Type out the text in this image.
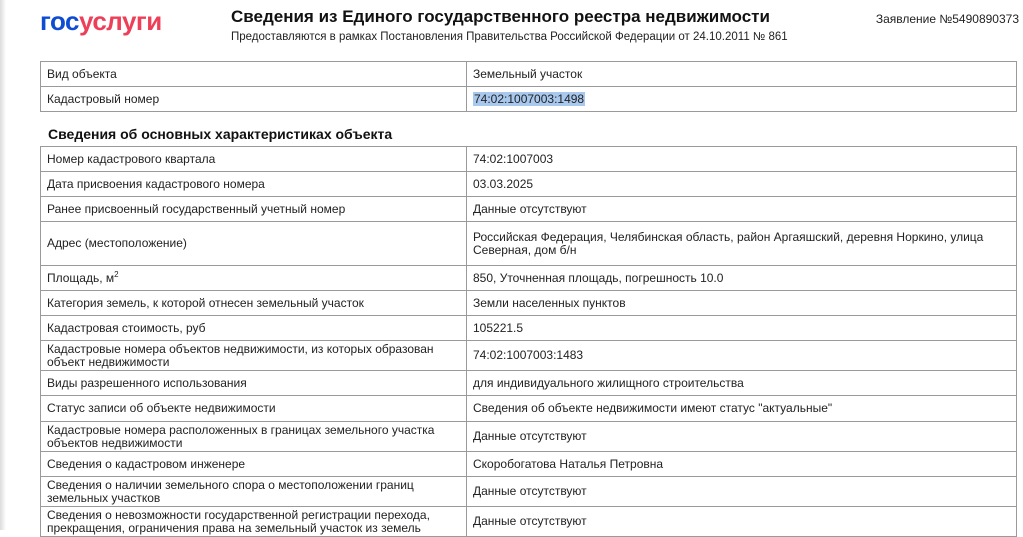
госуслуги	Сведения из Единого государственного реестра недвижимости
Предоставляются в рамках Постановления Правительства Российской Федерации от 24.10.2011 № 861
Заявление №5490890373
Вид объекта	Земельный участок
Кадастровый номер	74:02:1007003:1498
Сведения об основных характеристиках объекта
Номер кадастрового квартала	74:02:1007003
Дата присвоения кадастрового номера	03.03.2025
Ранее присвоенный государственный учетный номер	Данные отсутствуют
Адрес (местоположение)	Российская Федерация, Челябинская область, район Аргаяшский, деревня Норкино, улица Северная, дом б/н
Площадь, $м^2$	850, Уточненная площадь, погрешность 10.0
Категория земель, к которой отнесен земельный участок	Земли населенных пунктов
Кадастровая стоимость, руб	105221.5
Кадастровые номера объектов недвижимости, из которых образован объект недвижимости	74:02:1007003:1483
Виды разрешенного использования	для индивидуального жилищного строительства
Статус записи об объекте недвижимости	Сведения об объекте недвижимости имеют статус "актуальные"
Кадастровые номера расположенных в границах земельного участка объектов недвижимости	Данные отсутствуют
Сведения о кадастровом инженере	Скоробогатова Наталья Петровна
Сведения о наличии земельного спора о местоположении границ земельных участков	Данные отсутствуют
Сведения о невозможности государственной регистрации перехода, прекращения, ограничения права на земельный участок из земель	Данные отсутствуют
